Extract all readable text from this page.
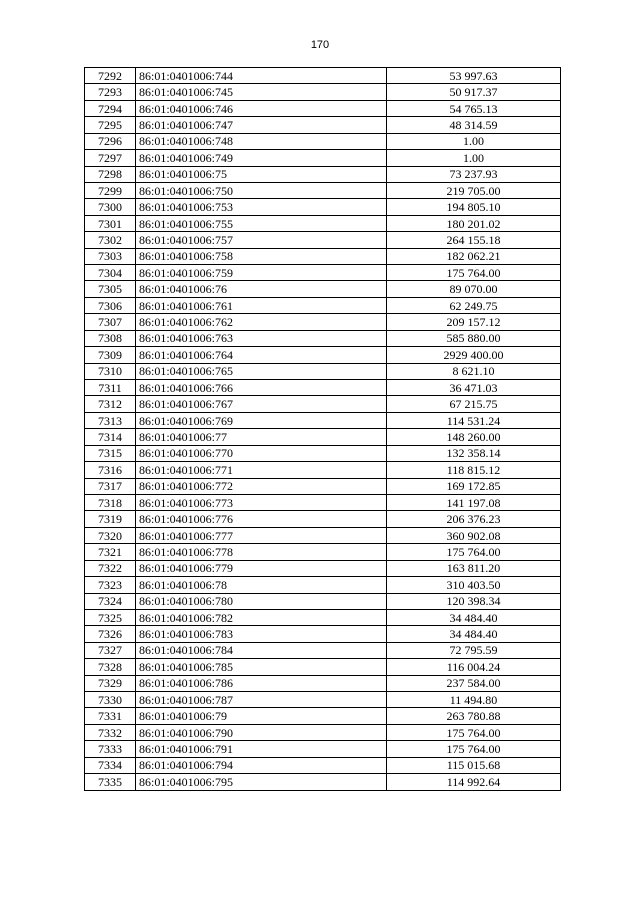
170
7292	86:01:0401006:744	53 997.63
7293	86:01:0401006:745	50 917.37
7294	86:01:0401006:746	54 765.13
7295	86:01:0401006:747	48 314.59
7296	86:01:0401006:748	1.00
7297	86:01:0401006:749	1.00
7298	86:01:0401006:75	73 237.93
7299	86:01:0401006:750	219 705.00
7300	86:01:0401006:753	194 805.10
7301	86:01:0401006:755	180 201.02
7302	86:01:0401006:757	264 155.18
7303	86:01:0401006:758	182 062.21
7304	86:01:0401006:759	175 764.00
7305	86:01:0401006:76	89 070.00
7306	86:01:0401006:761	62 249.75
7307	86:01:0401006:762	209 157.12
7308	86:01:0401006:763	585 880.00
7309	86:01:0401006:764	2929 400.00
7310	86:01:0401006:765	8 621.10
7311	86:01:0401006:766	36 471.03
7312	86:01:0401006:767	67 215.75
7313	86:01:0401006:769	114 531.24
7314	86:01:0401006:77	148 260.00
7315	86:01:0401006:770	132 358.14
7316	86:01:0401006:771	118 815.12
7317	86:01:0401006:772	169 172.85
7318	86:01:0401006:773	141 197.08
7319	86:01:0401006:776	206 376.23
7320	86:01:0401006:777	360 902.08
7321	86:01:0401006:778	175 764.00
7322	86:01:0401006:779	163 811.20
7323	86:01:0401006:78	310 403.50
7324	86:01:0401006:780	120 398.34
7325	86:01:0401006:782	34 484.40
7326	86:01:0401006:783	34 484.40
7327	86:01:0401006:784	72 795.59
7328	86:01:0401006:785	116 004.24
7329	86:01:0401006:786	237 584.00
7330	86:01:0401006:787	11 494.80
7331	86:01:0401006:79	263 780.88
7332	86:01:0401006:790	175 764.00
7333	86:01:0401006:791	175 764.00
7334	86:01:0401006:794	115 015.68
7335	86:01:0401006:795	114 992.64
